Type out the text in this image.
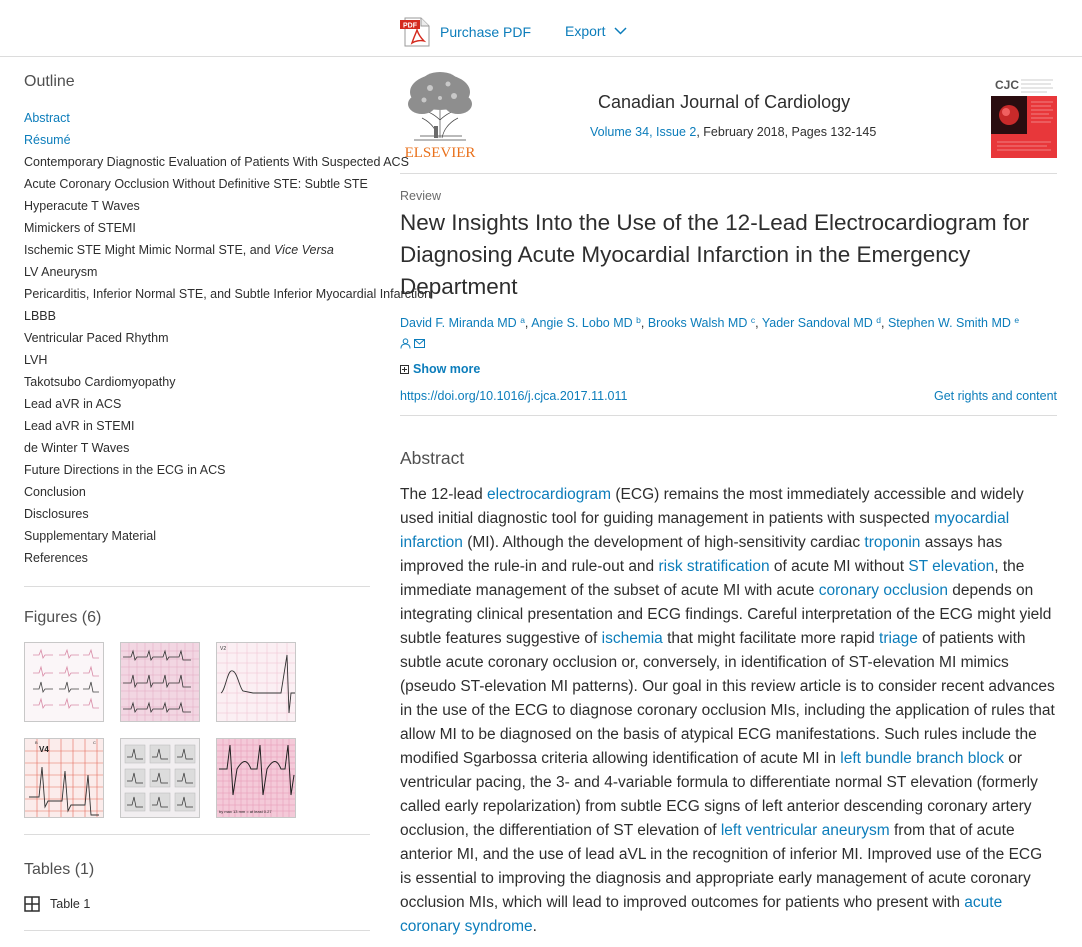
PDF Purchase PDF Export
Outline
Abstract
Résumé
Contemporary Diagnostic Evaluation of Patients With Suspected ACS
Acute Coronary Occlusion Without Definitive STE: Subtle STE
Hyperacute T Waves
Mimickers of STEMI
Ischemic STE Might Mimic Normal STE, and Vice Versa
LV Aneurysm
Pericarditis, Inferior Normal STE, and Subtle Inferior Myocardial Infarction
LBBB
Ventricular Paced Rhythm
LVH
Takotsubo Cardiomyopathy
Lead aVR in ACS
Lead aVR in STEMI
de Winter T Waves
Future Directions in the ECG in ACS
Conclusion
Disclosures
Supplementary Material
References
Figures (6)
V2
B	C
V4
by max 13 mm = at least 0.27
Tables (1)
Table 1
ELSEVIER
Canadian Journal of Cardiology
Volume 34, Issue 2, February 2018, Pages 132-145
CJC
Review
New Insights Into the Use of the 12-Lead Electrocardiogram for Diagnosing Acute Myocardial Infarction in the Emergency Department
David F. Miranda MD $^a$, Angie S. Lobo MD $^b$, Brooks Walsh MD $^c$, Yader Sandoval MD $^d$, Stephen W. Smith MD $^e$
Show more
https://doi.org/10.1016/j.cjca.2017.11.011	Get rights and content
Abstract

The 12-lead electrocardiogram (ECG) remains the most immediately accessible and widely used initial diagnostic tool for guiding management in patients with suspected myocardial infarction (MI). Although the development of high-sensitivity cardiac troponin assays has improved the rule-in and rule-out and risk stratification of acute MI without ST elevation, the immediate management of the subset of acute MI with acute coronary occlusion depends on integrating clinical presentation and ECG findings. Careful interpretation of the ECG might yield subtle features suggestive of ischemia that might facilitate more rapid triage of patients with subtle acute coronary occlusion or, conversely, in identification of ST-elevation MI mimics (pseudo ST-elevation MI patterns). Our goal in this review article is to consider recent advances in the use of the ECG to diagnose coronary occlusion MIs, including the application of rules that allow MI to be diagnosed on the basis of atypical ECG manifestations. Such rules include the modified Sgarbossa criteria allowing identification of acute MI in left bundle branch block or ventricular pacing, the 3- and 4-variable formula to differentiate normal ST elevation (formerly called early repolarization) from subtle ECG signs of left anterior descending coronary artery occlusion, the differentiation of ST elevation of left ventricular aneurysm from that of acute anterior MI, and the use of lead aVL in the recognition of inferior MI. Improved use of the ECG is essential to improving the diagnosis and appropriate early management of acute coronary occlusion MIs, which will lead to improved outcomes for patients who present with acute coronary syndrome.
